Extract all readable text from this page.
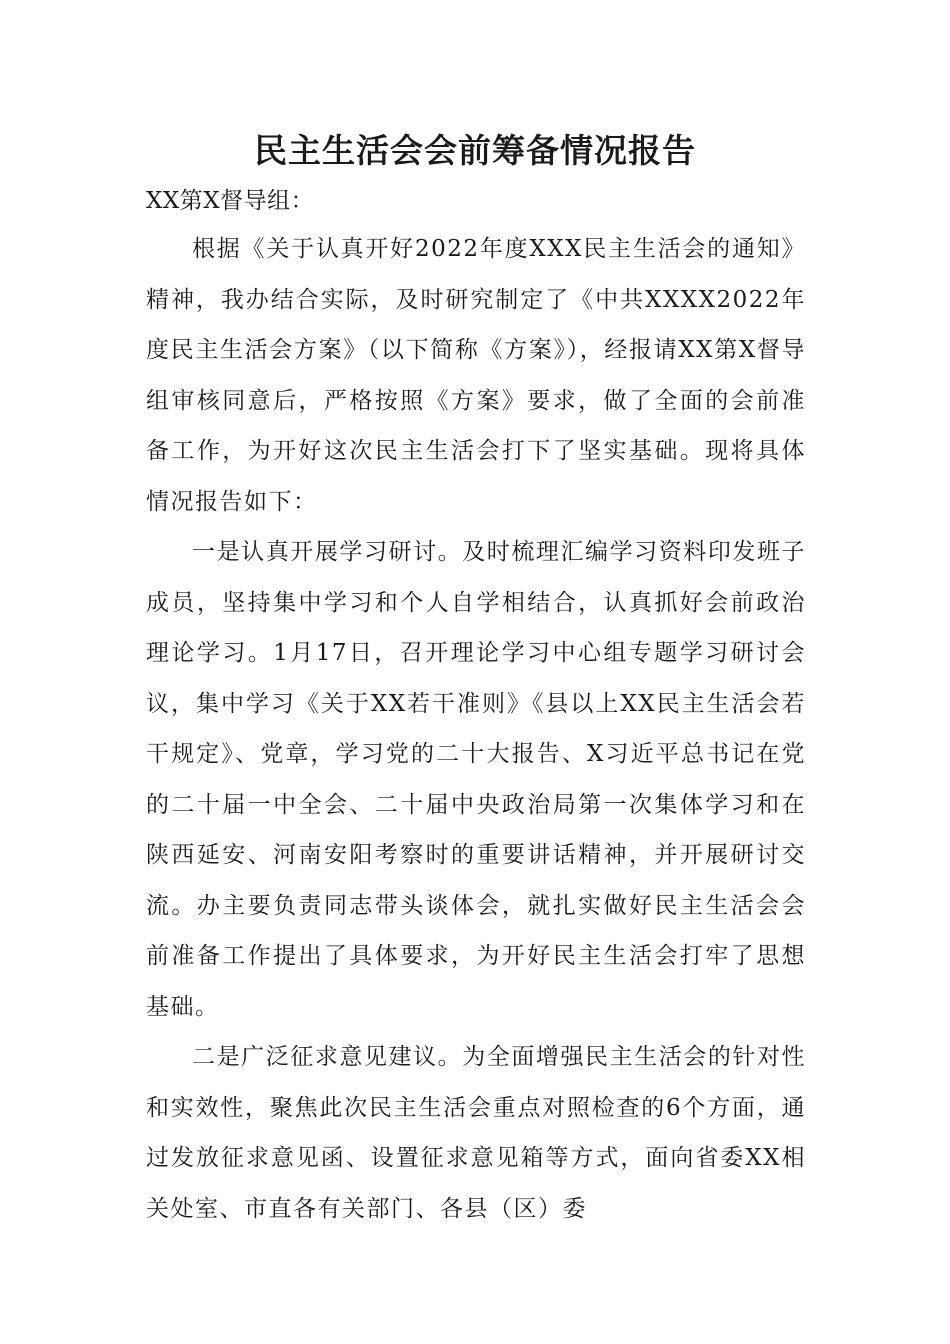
民主生活会会前筹备情况报告

XX第X督导组：

根据《关于认真开好2022年度XXX民主生活会的通知》精神，我办结合实际，及时研究制定了《中共XXXX2022年度民主生活会方案》（以下简称《方案》），经报请XX第X督导组审核同意后，严格按照《方案》要求，做了全面的会前准备工作，为开好这次民主生活会打下了坚实基础。现将具体情况报告如下：

一是认真开展学习研讨。及时梳理汇编学习资料印发班子成员，坚持集中学习和个人自学相结合，认真抓好会前政治理论学习。1月17日，召开理论学习中心组专题学习研讨会议，集中学习《关于XX若干准则》《县以上XX民主生活会若干规定》、党章，学习党的二十大报告、X习近平总书记在党的二十届一中全会、二十届中央政治局第一次集体学习和在陕西延安、河南安阳考察时的重要讲话精神，并开展研讨交流。办主要负责同志带头谈体会，就扎实做好民主生活会会前准备工作提出了具体要求，为开好民主生活会打牢了思想基础。

二是广泛征求意见建议。为全面增强民主生活会的针对性和实效性，聚焦此次民主生活会重点对照检查的6个方面，通过发放征求意见函、设置征求意见箱等方式，面向省委XX相关处室、市直各有关部门、各县（区）委
